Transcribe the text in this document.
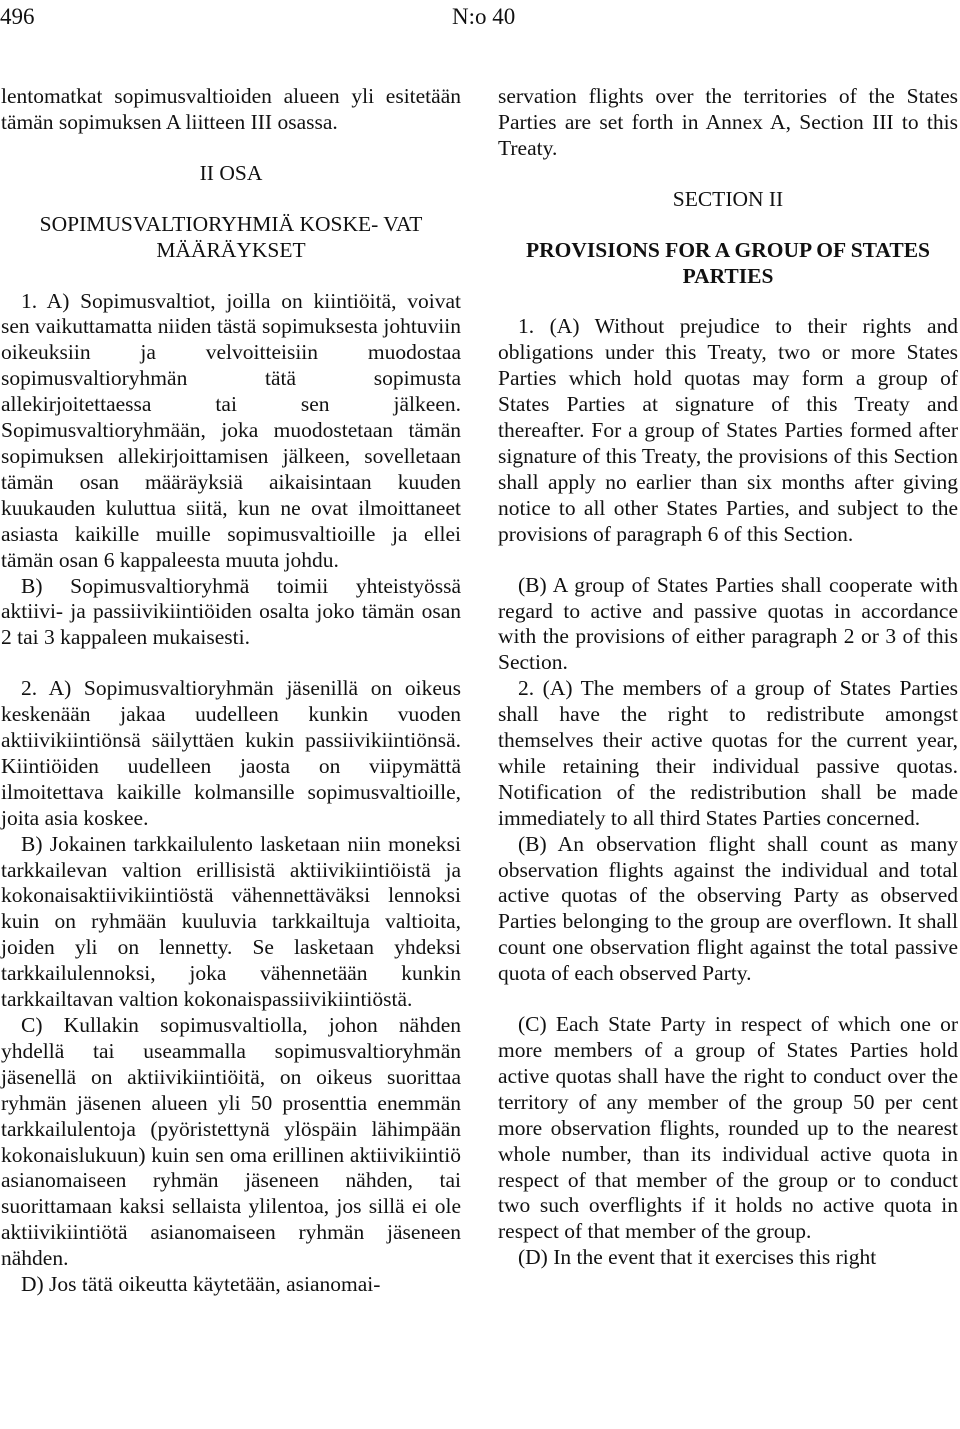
496	N:o 40

lentomatkat sopimusvaltioiden alueen yli esitetään tämän sopimuksen A liitteen III osassa.

II OSA

SOPIMUSVALTIORYHMIÄ KOSKE- VAT MÄÄRÄYKSET

1. A) Sopimusvaltiot, joilla on kiintiöitä, voivat sen vaikuttamatta niiden tästä sopimuksesta johtuviin oikeuksiin ja velvoitteisiin muodostaa sopimusvaltioryhmän tätä sopimusta allekirjoitettaessa tai sen jälkeen. Sopimusvaltioryhmään, joka muodostetaan tämän sopimuksen allekirjoittamisen jälkeen, sovelletaan tämän osan määräyksiä aikaisintaan kuuden kuukauden kuluttua siitä, kun ne ovat ilmoittaneet asiasta kaikille muille sopimusvaltioille ja ellei tämän osan 6 kappaleesta muuta johdu.

B) Sopimusvaltioryhmä toimii yhteistyössä aktiivi- ja passiivikiintiöiden osalta joko tämän osan 2 tai 3 kappaleen mukaisesti.

2. A) Sopimusvaltioryhmän jäsenillä on oikeus keskenään jakaa uudelleen kunkin vuoden aktiivikiintiönsä säilyttäen kukin passiivikiintiönsä. Kiintiöiden uudelleen jaosta on viipymättä ilmoitettava kaikille kolmansille sopimusvaltioille, joita asia koskee.

B) Jokainen tarkkailulento lasketaan niin moneksi tarkkailevan valtion erillisistä aktiivikiintiöistä ja kokonaisaktiivikiintiöstä vähennettäväksi lennoksi kuin on ryhmään kuuluvia tarkkailtuja valtioita, joiden yli on lennetty. Se lasketaan yhdeksi tarkkailulennoksi, joka vähennetään kunkin tarkkailtavan valtion kokonaispassiivikiintiöstä.

C) Kullakin sopimusvaltiolla, johon nähden yhdellä tai useammalla sopimusvaltioryhmän jäsenellä on aktiivikiintiöitä, on oikeus suorittaa ryhmän jäsenen alueen yli 50 prosenttia enemmän tarkkailulentoja (pyöristettynä ylöspäin lähimpään kokonaislukuun) kuin sen oma erillinen aktiivikiintiö asianomaiseen ryhmän jäseneen nähden, tai suorittamaan kaksi sellaista ylilentoa, jos sillä ei ole aktiivikiintiötä asianomaiseen ryhmän jäseneen nähden.

D) Jos tätä oikeutta käytetään, asianomai-

servation flights over the territories of the States Parties are set forth in Annex A, Section III to this Treaty.

SECTION II

PROVISIONS FOR A GROUP OF STATES PARTIES

1. (A) Without prejudice to their rights and obligations under this Treaty, two or more States Parties which hold quotas may form a group of States Parties at signature of this Treaty and thereafter. For a group of States Parties formed after signature of this Treaty, the provisions of this Section shall apply no earlier than six months after giving notice to all other States Parties, and subject to the provisions of paragraph 6 of this Section.

(B) A group of States Parties shall cooperate with regard to active and passive quotas in accordance with the provisions of either paragraph 2 or 3 of this Section.

2. (A) The members of a group of States Parties shall have the right to redistribute amongst themselves their active quotas for the current year, while retaining their individual passive quotas. Notification of the redistribution shall be made immediately to all third States Parties concerned.

(B) An observation flight shall count as many observation flights against the individual and total active quotas of the observing Party as observed Parties belonging to the group are overflown. It shall count one observation flight against the total passive quota of each observed Party.

(C) Each State Party in respect of which one or more members of a group of States Parties hold active quotas shall have the right to conduct over the territory of any member of the group 50 per cent more observation flights, rounded up to the nearest whole number, than its individual active quota in respect of that member of the group or to conduct two such overflights if it holds no active quota in respect of that member of the group.

(D) In the event that it exercises this right
